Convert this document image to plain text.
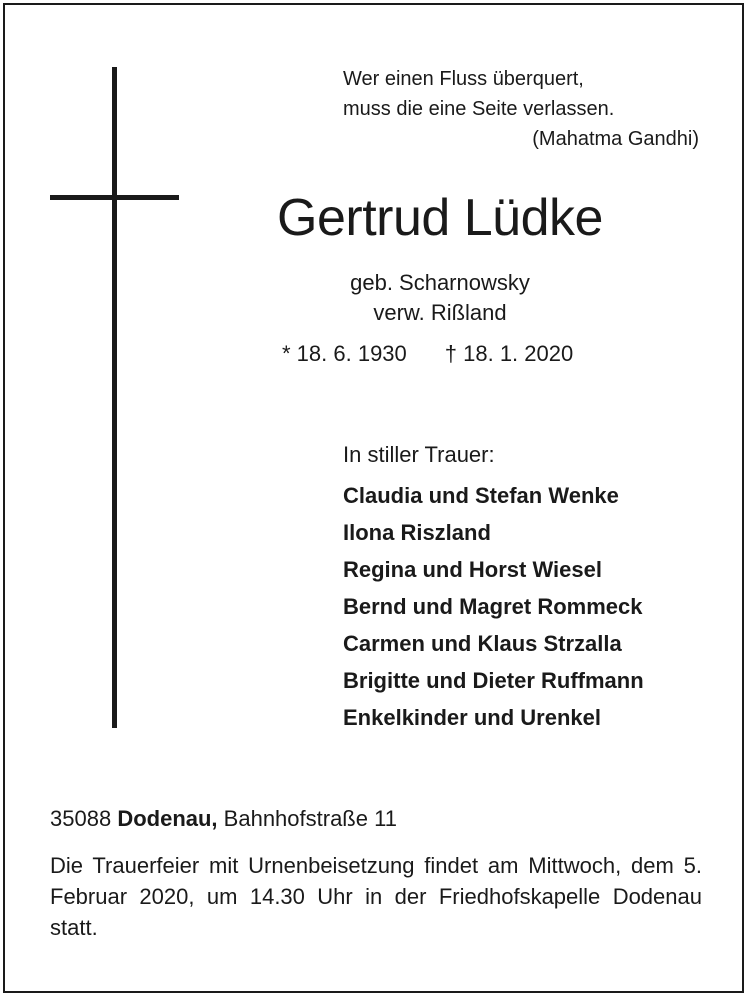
Wer einen Fluss überquert,
muss die eine Seite verlassen.
(Mahatma Gandhi)
Gertrud Lüdke
geb. Scharnowsky
verw. Rißland
* 18. 6. 1930 † 18. 1. 2020
In stiller Trauer:
Claudia und Stefan Wenke
Ilona Riszland
Regina und Horst Wiesel
Bernd und Magret Rommeck
Carmen und Klaus Strzalla
Brigitte und Dieter Ruffmann
Enkelkinder und Urenkel
35088 Dodenau, Bahnhofstraße 11
Die Trauerfeier mit Urnenbeisetzung findet am Mittwoch, dem 5. Februar 2020, um 14.30 Uhr in der Friedhofskapelle Dodenau statt.
